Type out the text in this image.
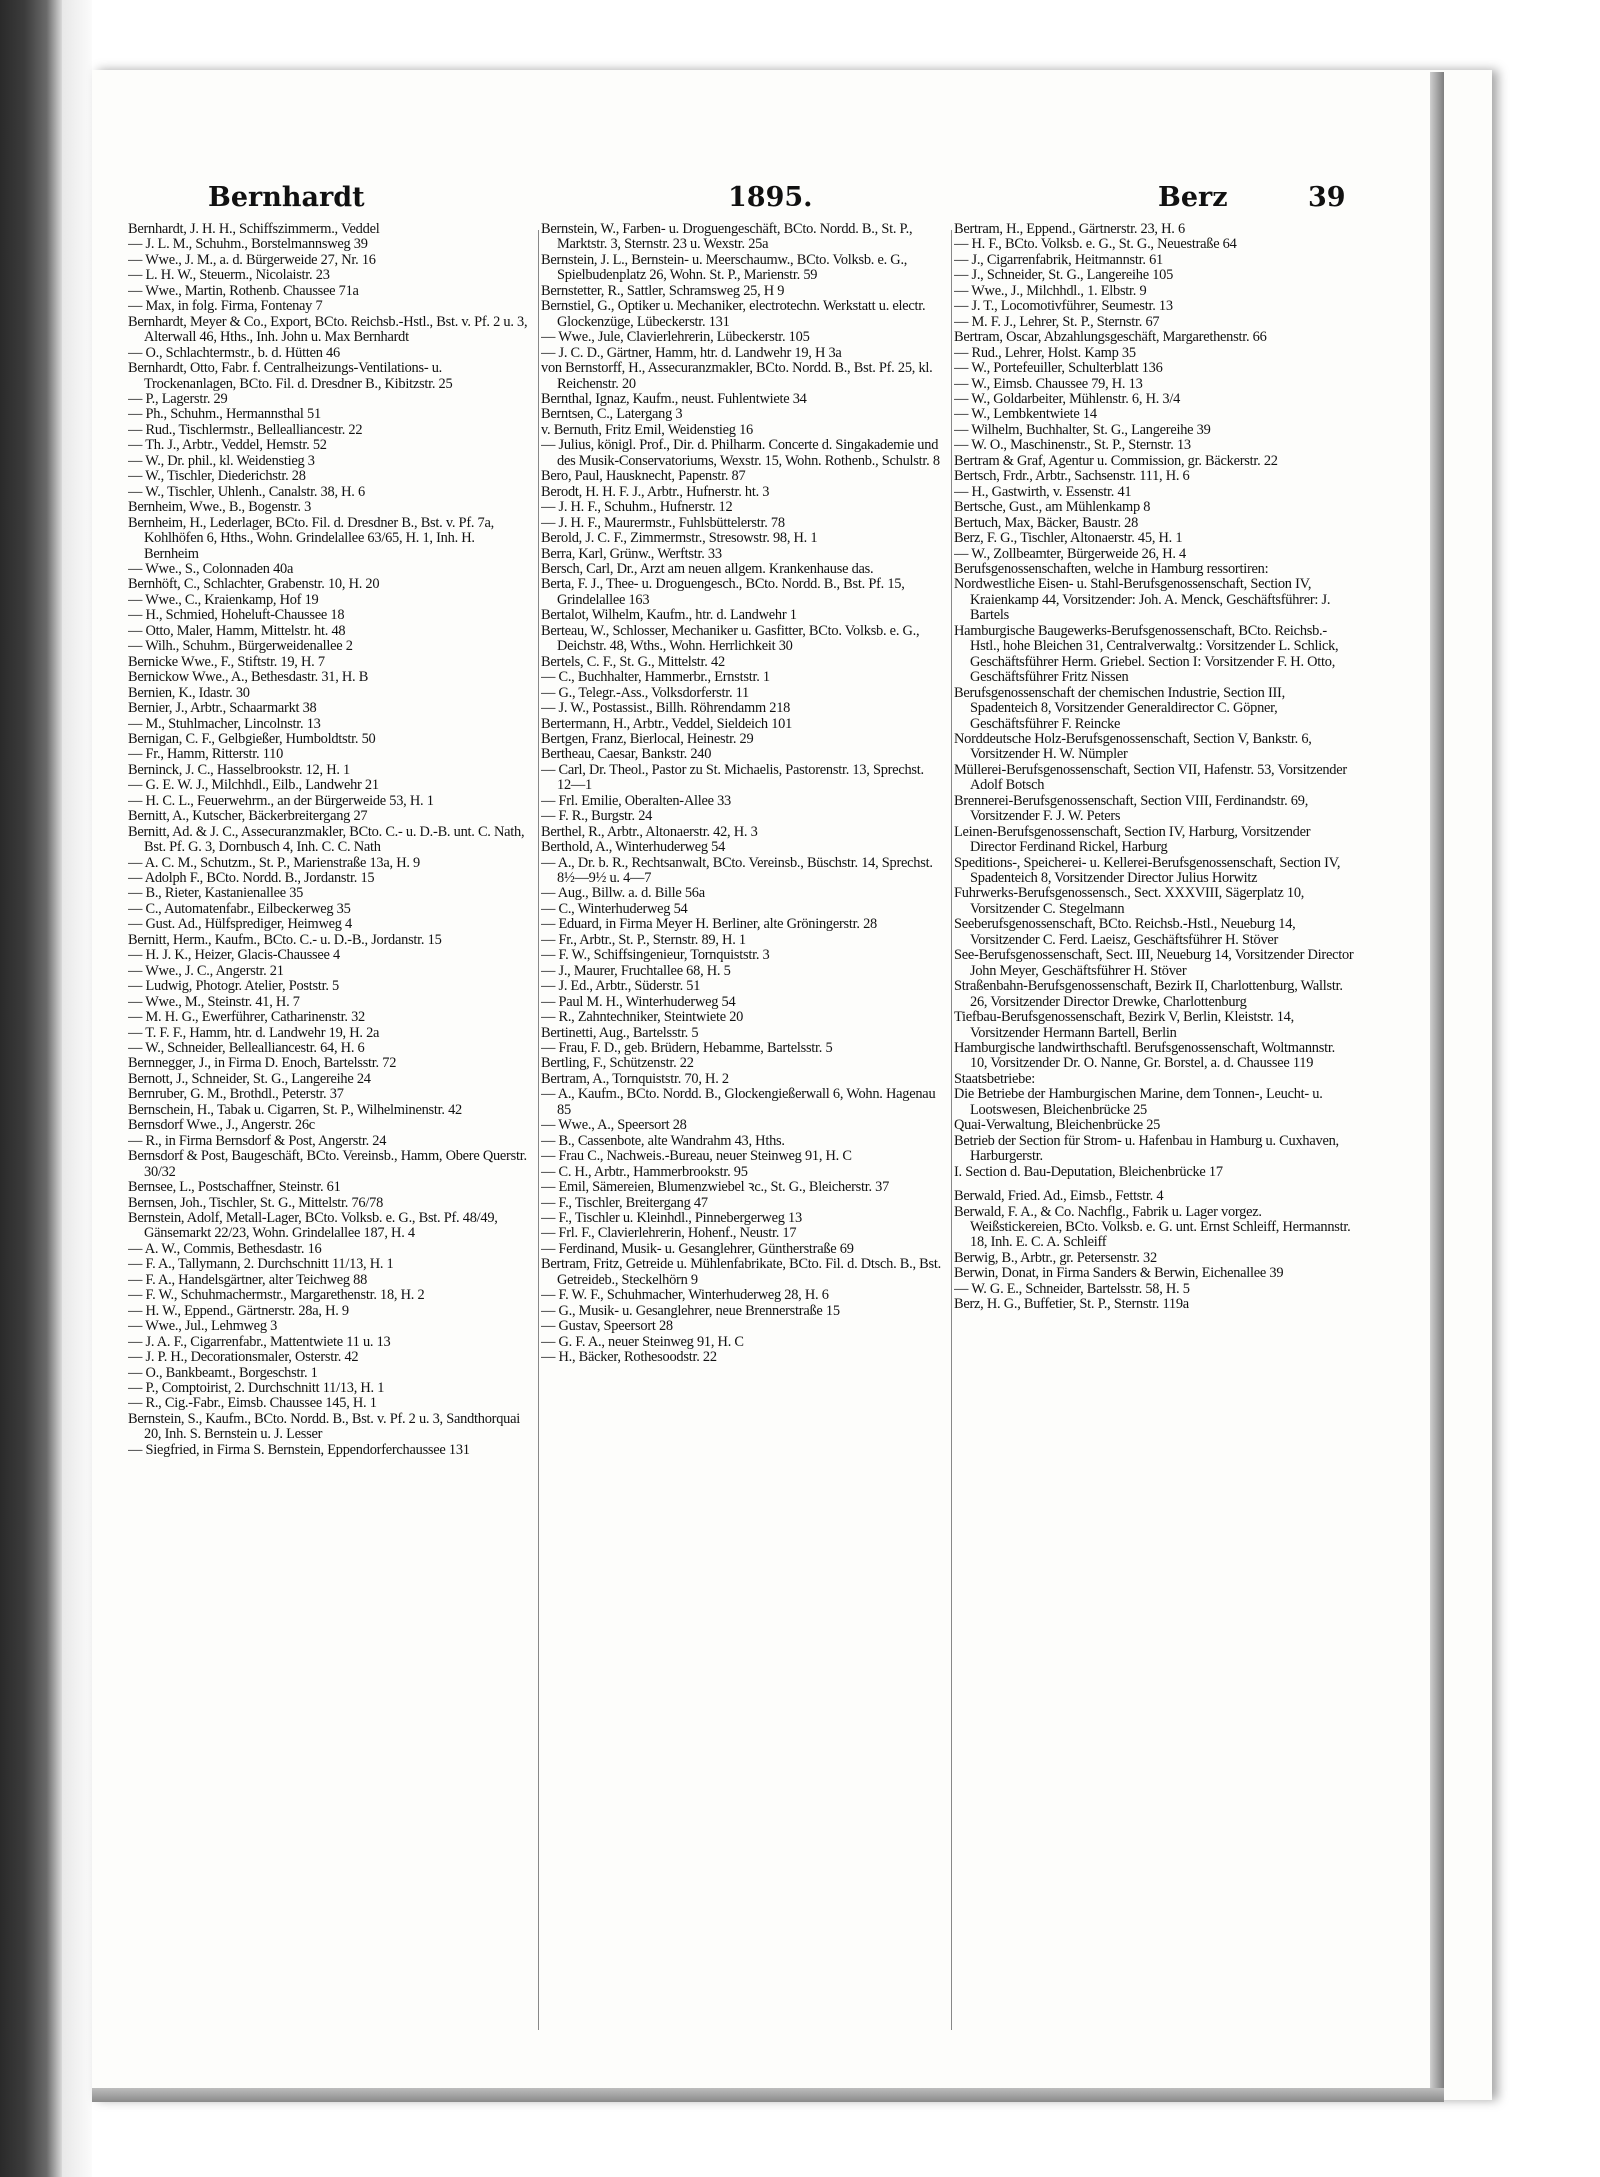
Bernhardt	1895.	Berz	39

Bernhardt, J. H. H., Schiffszimmerm., Veddel

— J. L. M., Schuhm., Borstelmannsweg 39

— Wwe., J. M., a. d. Bürgerweide 27, Nr. 16

— L. H. W., Steuerm., Nicolaistr. 23

— Wwe., Martin, Rothenb. Chaussee 71a

— Max, in folg. Firma, Fontenay 7

Bernhardt, Meyer & Co., Export, BCto. Reichsb.-Hstl., Bst. v. Pf. 2 u. 3, Alterwall 46, Hths., Inh. John u. Max Bernhardt

— O., Schlachtermstr., b. d. Hütten 46

Bernhardt, Otto, Fabr. f. Centralheizungs-Ventilations- u. Trockenanlagen, BCto. Fil. d. Dresdner B., Kibitzstr. 25

— P., Lagerstr. 29

— Ph., Schuhm., Hermannsthal 51

— Rud., Tischlermstr., Bellealliancestr. 22

— Th. J., Arbtr., Veddel, Hemstr. 52

— W., Dr. phil., kl. Weidenstieg 3

— W., Tischler, Diederichstr. 28

— W., Tischler, Uhlenh., Canalstr. 38, H. 6

Bernheim, Wwe., B., Bogenstr. 3

Bernheim, H., Lederlager, BCto. Fil. d. Dresdner B., Bst. v. Pf. 7a, Kohlhöfen 6, Hths., Wohn. Grindelallee 63/65, H. 1, Inh. H. Bernheim

— Wwe., S., Colonnaden 40a

Bernhöft, C., Schlachter, Grabenstr. 10, H. 20

— Wwe., C., Kraienkamp, Hof 19

— H., Schmied, Hoheluft-Chaussee 18

— Otto, Maler, Hamm, Mittelstr. ht. 48

— Wilh., Schuhm., Bürgerweidenallee 2

Bernicke Wwe., F., Stiftstr. 19, H. 7

Bernickow Wwe., A., Bethesdastr. 31, H. B

Bernien, K., Idastr. 30

Bernier, J., Arbtr., Schaarmarkt 38

— M., Stuhlmacher, Lincolnstr. 13

Bernigan, C. F., Gelbgießer, Humboldtstr. 50

— Fr., Hamm, Ritterstr. 110

Berninck, J. C., Hasselbrookstr. 12, H. 1

— G. E. W. J., Milchhdl., Eilb., Landwehr 21

— H. C. L., Feuerwehrm., an der Bürgerweide 53, H. 1

Bernitt, A., Kutscher, Bäckerbreitergang 27

Bernitt, Ad. & J. C., Assecuranzmakler, BCto. C.- u. D.-B. unt. C. Nath, Bst. Pf. G. 3, Dornbusch 4, Inh. C. C. Nath

— A. C. M., Schutzm., St. P., Marienstraße 13a, H. 9

— Adolph F., BCto. Nordd. B., Jordanstr. 15

— B., Rieter, Kastanienallee 35

— C., Automatenfabr., Eilbeckerweg 35

— Gust. Ad., Hülfsprediger, Heimweg 4

Bernitt, Herm., Kaufm., BCto. C.- u. D.-B., Jordanstr. 15

— H. J. K., Heizer, Glacis-Chaussee 4

— Wwe., J. C., Angerstr. 21

— Ludwig, Photogr. Atelier, Poststr. 5

— Wwe., M., Steinstr. 41, H. 7

— M. H. G., Ewerführer, Catharinenstr. 32

— T. F. F., Hamm, htr. d. Landwehr 19, H. 2a

— W., Schneider, Bellealliancestr. 64, H. 6

Bernnegger, J., in Firma D. Enoch, Bartelsstr. 72

Bernott, J., Schneider, St. G., Langereihe 24

Bernruber, G. M., Brothdl., Peterstr. 37

Bernschein, H., Tabak u. Cigarren, St. P., Wilhelminenstr. 42

Bernsdorf Wwe., J., Angerstr. 26c

— R., in Firma Bernsdorf & Post, Angerstr. 24

Bernsdorf & Post, Baugeschäft, BCto. Vereinsb., Hamm, Obere Querstr. 30/32

Bernsee, L., Postschaffner, Steinstr. 61

Bernsen, Joh., Tischler, St. G., Mittelstr. 76/78

Bernstein, Adolf, Metall-Lager, BCto. Volksb. e. G., Bst. Pf. 48/49, Gänsemarkt 22/23, Wohn. Grindelallee 187, H. 4

— A. W., Commis, Bethesdastr. 16

— F. A., Tallymann, 2. Durchschnitt 11/13, H. 1

— F. A., Handelsgärtner, alter Teichweg 88

— F. W., Schuhmachermstr., Margarethenstr. 18, H. 2

— H. W., Eppend., Gärtnerstr. 28a, H. 9

— Wwe., Jul., Lehmweg 3

— J. A. F., Cigarrenfabr., Mattentwiete 11 u. 13

— J. P. H., Decorationsmaler, Osterstr. 42

— O., Bankbeamt., Borgeschstr. 1

— P., Comptoirist, 2. Durchschnitt 11/13, H. 1

— R., Cig.-Fabr., Eimsb. Chaussee 145, H. 1

Bernstein, S., Kaufm., BCto. Nordd. B., Bst. v. Pf. 2 u. 3, Sandthorquai 20, Inh. S. Bernstein u. J. Lesser

— Siegfried, in Firma S. Bernstein, Eppendorferchaussee 131

Bernstein, W., Farben- u. Droguengeschäft, BCto. Nordd. B., St. P., Marktstr. 3, Sternstr. 23 u. Wexstr. 25a

Bernstein, J. L., Bernstein- u. Meerschaumw., BCto. Volksb. e. G., Spielbudenplatz 26, Wohn. St. P., Marienstr. 59

Bernstetter, R., Sattler, Schramsweg 25, H 9

Bernstiel, G., Optiker u. Mechaniker, electrotechn. Werkstatt u. electr. Glockenzüge, Lübeckerstr. 131

— Wwe., Jule, Clavierlehrerin, Lübeckerstr. 105

— J. C. D., Gärtner, Hamm, htr. d. Landwehr 19, H 3a

von Bernstorff, H., Assecuranzmakler, BCto. Nordd. B., Bst. Pf. 25, kl. Reichenstr. 20

Bernthal, Ignaz, Kaufm., neust. Fuhlentwiete 34

Berntsen, C., Latergang 3

v. Bernuth, Fritz Emil, Weidenstieg 16

— Julius, königl. Prof., Dir. d. Philharm. Concerte d. Singakademie und des Musik-Conservatoriums, Wexstr. 15, Wohn. Rothenb., Schulstr. 8

Bero, Paul, Hausknecht, Papenstr. 87

Berodt, H. H. F. J., Arbtr., Hufnerstr. ht. 3

— J. H. F., Schuhm., Hufnerstr. 12

— J. H. F., Maurermstr., Fuhlsbüttelerstr. 78

Berold, J. C. F., Zimmermstr., Stresowstr. 98, H. 1

Berra, Karl, Grünw., Werftstr. 33

Bersch, Carl, Dr., Arzt am neuen allgem. Krankenhause das.

Berta, F. J., Thee- u. Droguengesch., BCto. Nordd. B., Bst. Pf. 15, Grindelallee 163

Bertalot, Wilhelm, Kaufm., htr. d. Landwehr 1

Berteau, W., Schlosser, Mechaniker u. Gasfitter, BCto. Volksb. e. G., Deichstr. 48, Wths., Wohn. Herrlichkeit 30

Bertels, C. F., St. G., Mittelstr. 42

— C., Buchhalter, Hammerbr., Ernststr. 1

— G., Telegr.-Ass., Volksdorferstr. 11

— J. W., Postassist., Billh. Röhrendamm 218

Bertermann, H., Arbtr., Veddel, Sieldeich 101

Bertgen, Franz, Bierlocal, Heinestr. 29

Bertheau, Caesar, Bankstr. 240

— Carl, Dr. Theol., Pastor zu St. Michaelis, Pastorenstr. 13, Sprechst. 12—1

— Frl. Emilie, Oberalten-Allee 33

— F. R., Burgstr. 24

Berthel, R., Arbtr., Altonaerstr. 42, H. 3

Berthold, A., Winterhuderweg 54

— A., Dr. b. R., Rechtsanwalt, BCto. Vereinsb., Büschstr. 14, Sprechst. 8½—9½ u. 4—7

— Aug., Billw. a. d. Bille 56a

— C., Winterhuderweg 54

— Eduard, in Firma Meyer H. Berliner, alte Gröningerstr. 28

— Fr., Arbtr., St. P., Sternstr. 89, H. 1

— F. W., Schiffsingenieur, Tornquiststr. 3

— J., Maurer, Fruchtallee 68, H. 5

— J. Ed., Arbtr., Süderstr. 51

— Paul M. H., Winterhuderweg 54

— R., Zahntechniker, Steintwiete 20

Bertinetti, Aug., Bartelsstr. 5

— Frau, F. D., geb. Brüdern, Hebamme, Bartelsstr. 5

Bertling, F., Schützenstr. 22

Bertram, A., Tornquiststr. 70, H. 2

— A., Kaufm., BCto. Nordd. B., Glockengießerwall 6, Wohn. Hagenau 85

— Wwe., A., Speersort 28

— B., Cassenbote, alte Wandrahm 43, Hths.

— Frau C., Nachweis.-Bureau, neuer Steinweg 91, H. C

— C. H., Arbtr., Hammerbrookstr. 95

— Emil, Sämereien, Blumenzwiebel ꝛc., St. G., Bleicherstr. 37

— F., Tischler, Breitergang 47

— F., Tischler u. Kleinhdl., Pinnebergerweg 13

— Frl. F., Clavierlehrerin, Hohenf., Neustr. 17

— Ferdinand, Musik- u. Gesanglehrer, Güntherstraße 69

Bertram, Fritz, Getreide u. Mühlenfabrikate, BCto. Fil. d. Dtsch. B., Bst. Getreideb., Steckelhörn 9

— F. W. F., Schuhmacher, Winterhuderweg 28, H. 6

— G., Musik- u. Gesanglehrer, neue Brennerstraße 15

— Gustav, Speersort 28

— G. F. A., neuer Steinweg 91, H. C

— H., Bäcker, Rothesoodstr. 22

Bertram, H., Eppend., Gärtnerstr. 23, H. 6

— H. F., BCto. Volksb. e. G., St. G., Neuestraße 64

— J., Cigarrenfabrik, Heitmannstr. 61

— J., Schneider, St. G., Langereihe 105

— Wwe., J., Milchhdl., 1. Elbstr. 9

— J. T., Locomotivführer, Seumestr. 13

— M. F. J., Lehrer, St. P., Sternstr. 67

Bertram, Oscar, Abzahlungsgeschäft, Margarethenstr. 66

— Rud., Lehrer, Holst. Kamp 35

— W., Portefeuiller, Schulterblatt 136

— W., Eimsb. Chaussee 79, H. 13

— W., Goldarbeiter, Mühlenstr. 6, H. 3/4

— W., Lembkentwiete 14

— Wilhelm, Buchhalter, St. G., Langereihe 39

— W. O., Maschinenstr., St. P., Sternstr. 13

Bertram & Graf, Agentur u. Commission, gr. Bäckerstr. 22

Bertsch, Frdr., Arbtr., Sachsenstr. 111, H. 6

— H., Gastwirth, v. Essenstr. 41

Bertsche, Gust., am Mühlenkamp 8

Bertuch, Max, Bäcker, Baustr. 28

Berz, F. G., Tischler, Altonaerstr. 45, H. 1

— W., Zollbeamter, Bürgerweide 26, H. 4

Berufsgenossenschaften, welche in Hamburg ressortiren:

Nordwestliche Eisen- u. Stahl-Berufsgenossenschaft, Section IV, Kraienkamp 44, Vorsitzender: Joh. A. Menck, Geschäftsführer: J. Bartels

Hamburgische Baugewerks-Berufsgenossenschaft, BCto. Reichsb.-Hstl., hohe Bleichen 31, Centralverwaltg.: Vorsitzender L. Schlick, Geschäftsführer Herm. Griebel. Section I: Vorsitzender F. H. Otto, Geschäftsführer Fritz Nissen

Berufsgenossenschaft der chemischen Industrie, Section III, Spadenteich 8, Vorsitzender Generaldirector C. Göpner, Geschäftsführer F. Reincke

Norddeutsche Holz-Berufsgenossenschaft, Section V, Bankstr. 6, Vorsitzender H. W. Nümpler

Müllerei-Berufsgenossenschaft, Section VII, Hafenstr. 53, Vorsitzender Adolf Botsch

Brennerei-Berufsgenossenschaft, Section VIII, Ferdinandstr. 69, Vorsitzender F. J. W. Peters

Leinen-Berufsgenossenschaft, Section IV, Harburg, Vorsitzender Director Ferdinand Rickel, Harburg

Speditions-, Speicherei- u. Kellerei-Berufsgenossenschaft, Section IV, Spadenteich 8, Vorsitzender Director Julius Horwitz

Fuhrwerks-Berufsgenossensch., Sect. XXXVIII, Sägerplatz 10, Vorsitzender C. Stegelmann

Seeberufsgenossenschaft, BCto. Reichsb.-Hstl., Neueburg 14, Vorsitzender C. Ferd. Laeisz, Geschäftsführer H. Stöver

See-Berufsgenossenschaft, Sect. III, Neueburg 14, Vorsitzender Director John Meyer, Geschäftsführer H. Stöver

Straßenbahn-Berufsgenossenschaft, Bezirk II, Charlottenburg, Wallstr. 26, Vorsitzender Director Drewke, Charlottenburg

Tiefbau-Berufsgenossenschaft, Bezirk V, Berlin, Kleiststr. 14, Vorsitzender Hermann Bartell, Berlin

Hamburgische landwirthschaftl. Berufsgenossenschaft, Woltmannstr. 10, Vorsitzender Dr. O. Nanne, Gr. Borstel, a. d. Chaussee 119

Staatsbetriebe:

Die Betriebe der Hamburgischen Marine, dem Tonnen-, Leucht- u. Lootswesen, Bleichenbrücke 25

Quai-Verwaltung, Bleichenbrücke 25

Betrieb der Section für Strom- u. Hafenbau in Hamburg u. Cuxhaven, Harburgerstr.

I. Section d. Bau-Deputation, Bleichenbrücke 17

Berwald, Fried. Ad., Eimsb., Fettstr. 4

Berwald, F. A., & Co. Nachflg., Fabrik u. Lager vorgez. Weißstickereien, BCto. Volksb. e. G. unt. Ernst Schleiff, Hermannstr. 18, Inh. E. C. A. Schleiff

Berwig, B., Arbtr., gr. Petersenstr. 32

Berwin, Donat, in Firma Sanders & Berwin, Eichenallee 39

— W. G. E., Schneider, Bartelsstr. 58, H. 5

Berz, H. G., Buffetier, St. P., Sternstr. 119a
